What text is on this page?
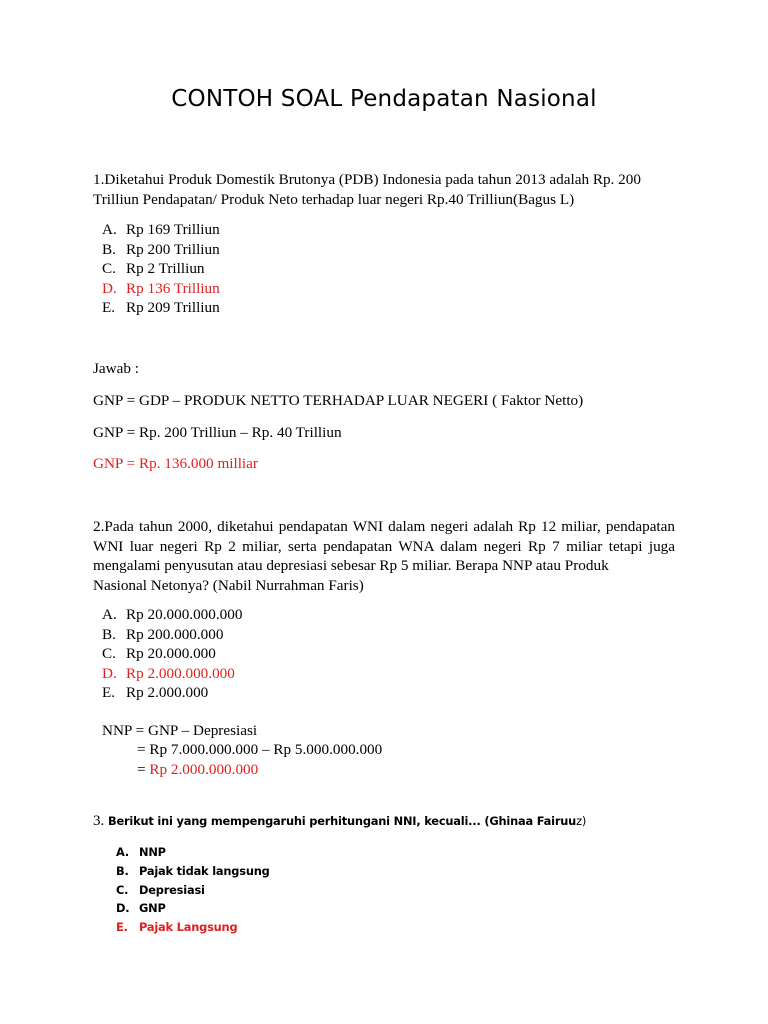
CONTOH SOAL Pendapatan Nasional
1.Diketahui Produk Domestik Brutonya (PDB) Indonesia pada tahun 2013 adalah Rp. 200
Trilliun Pendapatan/ Produk Neto terhadap luar negeri Rp.40 Trilliun(Bagus L)
A. Rp 169 Trilliun
B. Rp 200 Trilliun
C. Rp 2 Trilliun
D. Rp 136 Trilliun
E. Rp 209 Trilliun
Jawab :
GNP = GDP – PRODUK NETTO TERHADAP LUAR NEGERI ( Faktor Netto)
GNP = Rp. 200 Trilliun – Rp. 40 Trilliun
GNP = Rp. 136.000 milliar
2.Pada tahun 2000, diketahui pendapatan WNI dalam negeri adalah Rp 12 miliar, pendapatan WNI luar negeri Rp 2 miliar, serta pendapatan WNA dalam negeri Rp 7 miliar tetapi juga mengalami penyusutan atau depresiasi sebesar Rp 5 miliar. Berapa NNP atau Produk
Nasional Netonya? (Nabil Nurrahman Faris)
A. Rp 20.000.000.000
B. Rp 200.000.000
C. Rp 20.000.000
D. Rp 2.000.000.000
E. Rp 2.000.000
NNP = GNP – Depresiasi
= Rp 7.000.000.000 – Rp 5.000.000.000
= Rp 2.000.000.000
3. Berikut ini yang mempengaruhi perhitungani NNI, kecuali... (Ghinaa Fairuuz)
A. NNP
B. Pajak tidak langsung
C. Depresiasi
D. GNP
E. Pajak Langsung
